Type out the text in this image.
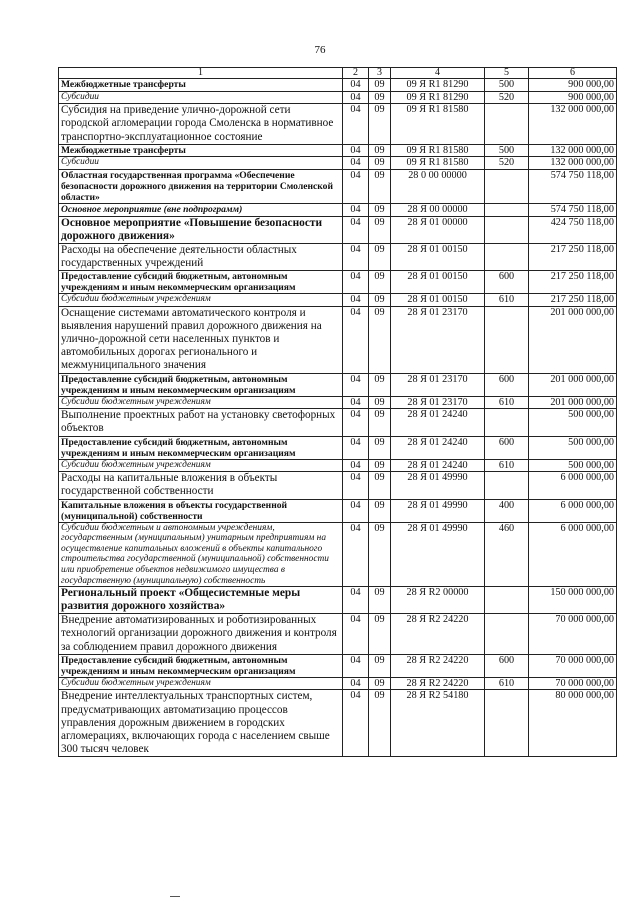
76
1	2	3	4	5	6
Межбюджетные трансферты	04	09	09 Я R1 81290	500	900 000,00
Субсидии	04	09	09 Я R1 81290	520	900 000,00
Субсидия на приведение улично-дорожной сети городской агломерации города Смоленска в нормативное транспортно-эксплуатационное состояние	04	09	09 Я R1 81580		132 000 000,00
Межбюджетные трансферты	04	09	09 Я R1 81580	500	132 000 000,00
Субсидии	04	09	09 Я R1 81580	520	132 000 000,00
Областная государственная программа «Обеспечение безопасности дорожного движения на территории Смоленской области»	04	09	28 0 00 00000		574 750 118,00
Основное мероприятие (вне подпрограмм)	04	09	28 Я 00 00000		574 750 118,00
Основное мероприятие «Повышение безопасности дорожного движения»	04	09	28 Я 01 00000		424 750 118,00
Расходы на обеспечение деятельности областных государственных учреждений	04	09	28 Я 01 00150		217 250 118,00
Предоставление субсидий бюджетным, автономным учреждениям и иным некоммерческим организациям	04	09	28 Я 01 00150	600	217 250 118,00
Субсидии бюджетным учреждениям	04	09	28 Я 01 00150	610	217 250 118,00
Оснащение системами автоматического контроля и выявления нарушений правил дорожного движения на улично-дорожной сети населенных пунктов и автомобильных дорогах регионального и межмуниципального значения	04	09	28 Я 01 23170		201 000 000,00
Предоставление субсидий бюджетным, автономным учреждениям и иным некоммерческим организациям	04	09	28 Я 01 23170	600	201 000 000,00
Субсидии бюджетным учреждениям	04	09	28 Я 01 23170	610	201 000 000,00
Выполнение проектных работ на установку светофорных объектов	04	09	28 Я 01 24240		500 000,00
Предоставление субсидий бюджетным, автономным учреждениям и иным некоммерческим организациям	04	09	28 Я 01 24240	600	500 000,00
Субсидии бюджетным учреждениям	04	09	28 Я 01 24240	610	500 000,00
Расходы на капитальные вложения в объекты государственной собственности	04	09	28 Я 01 49990		6 000 000,00
Капитальные вложения в объекты государственной (муниципальной) собственности	04	09	28 Я 01 49990	400	6 000 000,00
Субсидии бюджетным и автономным учреждениям, государственным (муниципальным) унитарным предприятиям на осуществление капитальных вложений в объекты капитального строительства государственной (муниципальной) собственности или приобретение объектов недвижимого имущества в государственную (муниципальную) собственность	04	09	28 Я 01 49990	460	6 000 000,00
Региональный проект «Общесистемные меры развития дорожного хозяйства»	04	09	28 Я R2 00000		150 000 000,00
Внедрение автоматизированных и роботизированных технологий организации дорожного движения и контроля за соблюдением правил дорожного движения	04	09	28 Я R2 24220		70 000 000,00
Предоставление субсидий бюджетным, автономным учреждениям и иным некоммерческим организациям	04	09	28 Я R2 24220	600	70 000 000,00
Субсидии бюджетным учреждениям	04	09	28 Я R2 24220	610	70 000 000,00
Внедрение интеллектуальных транспортных систем, предусматривающих автоматизацию процессов управления дорожным движением в городских агломерациях, включающих города с населением свыше 300 тысяч человек	04	09	28 Я R2 54180		80 000 000,00
